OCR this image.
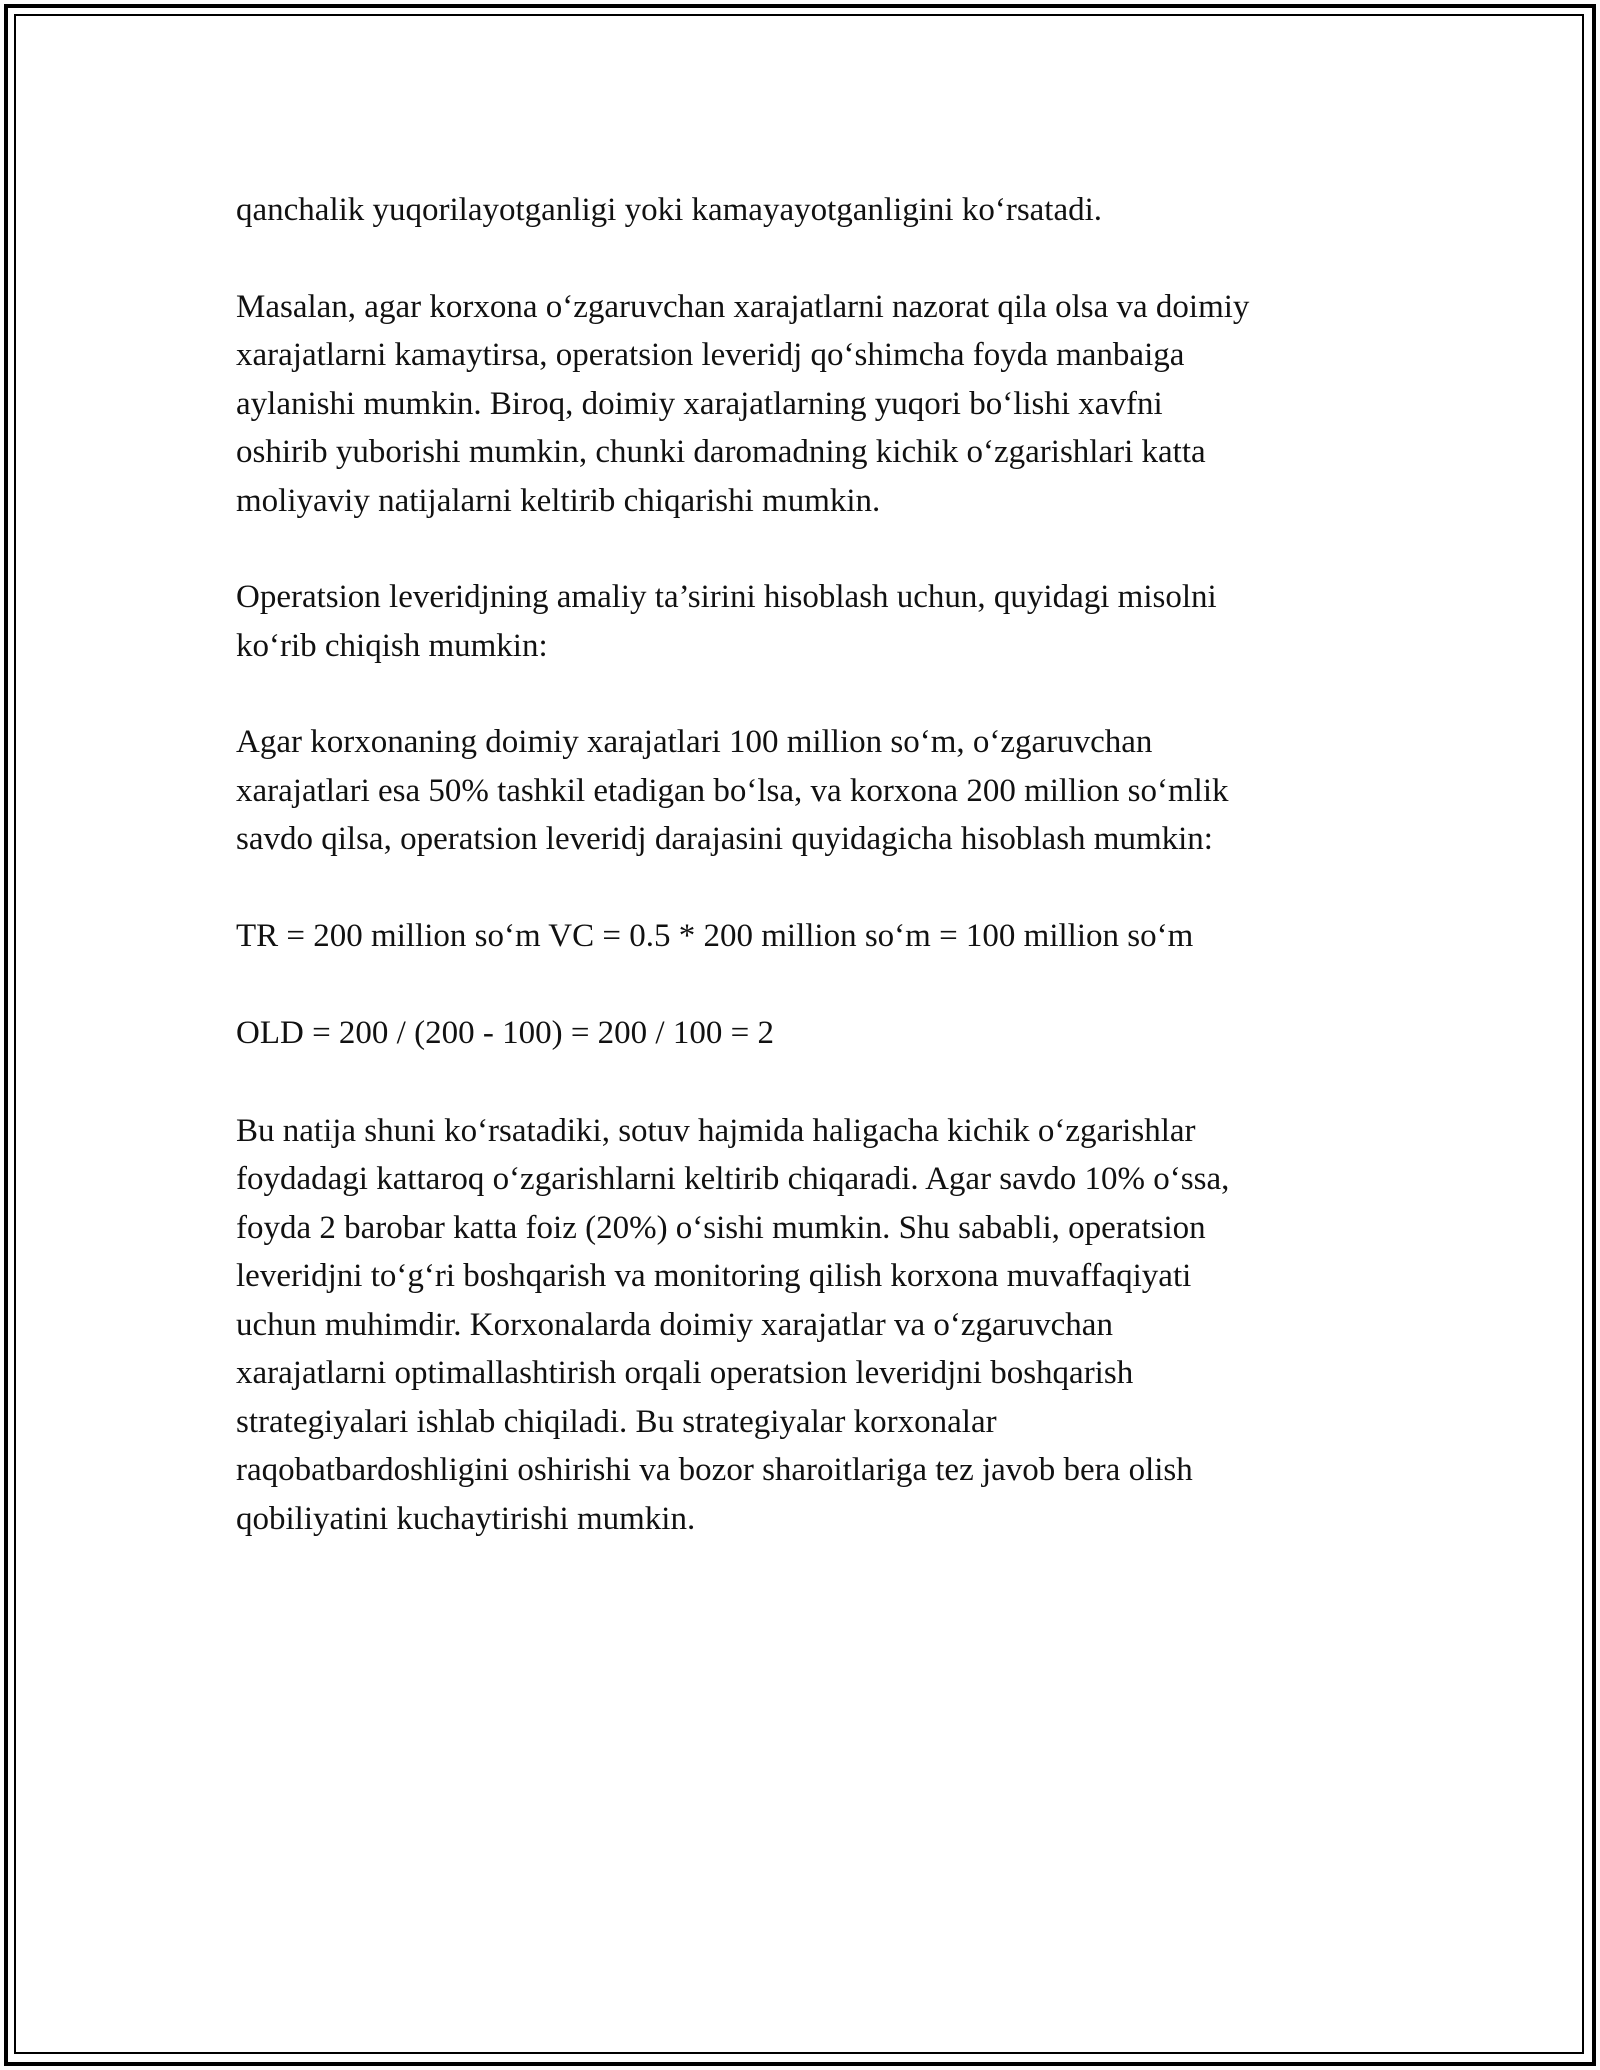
qanchalik yuqorilayotganligi yoki kamayayotganligini ko‘rsatadi.

Masalan, agar korxona o‘zgaruvchan xarajatlarni nazorat qila olsa va doimiy
xarajatlarni kamaytirsa, operatsion leveridj qo‘shimcha foyda manbaiga
aylanishi mumkin. Biroq, doimiy xarajatlarning yuqori bo‘lishi xavfni
oshirib yuborishi mumkin, chunki daromadning kichik o‘zgarishlari katta
moliyaviy natijalarni keltirib chiqarishi mumkin.

Operatsion leveridjning amaliy ta’sirini hisoblash uchun, quyidagi misolni
ko‘rib chiqish mumkin:

Agar korxonaning doimiy xarajatlari 100 million so‘m, o‘zgaruvchan
xarajatlari esa 50% tashkil etadigan bo‘lsa, va korxona 200 million so‘mlik
savdo qilsa, operatsion leveridj darajasini quyidagicha hisoblash mumkin:

TR = 200 million so‘m VC = 0.5 * 200 million so‘m = 100 million so‘m

OLD = 200 / (200 - 100) = 200 / 100 = 2

Bu natija shuni ko‘rsatadiki, sotuv hajmida haligacha kichik o‘zgarishlar
foydadagi kattaroq o‘zgarishlarni keltirib chiqaradi. Agar savdo 10% o‘ssa,
foyda 2 barobar katta foiz (20%) o‘sishi mumkin. Shu sababli, operatsion
leveridjni to‘g‘ri boshqarish va monitoring qilish korxona muvaffaqiyati
uchun muhimdir. Korxonalarda doimiy xarajatlar va o‘zgaruvchan
xarajatlarni optimallashtirish orqali operatsion leveridjni boshqarish
strategiyalari ishlab chiqiladi. Bu strategiyalar korxonalar
raqobatbardoshligini oshirishi va bozor sharoitlariga tez javob bera olish
qobiliyatini kuchaytirishi mumkin.
